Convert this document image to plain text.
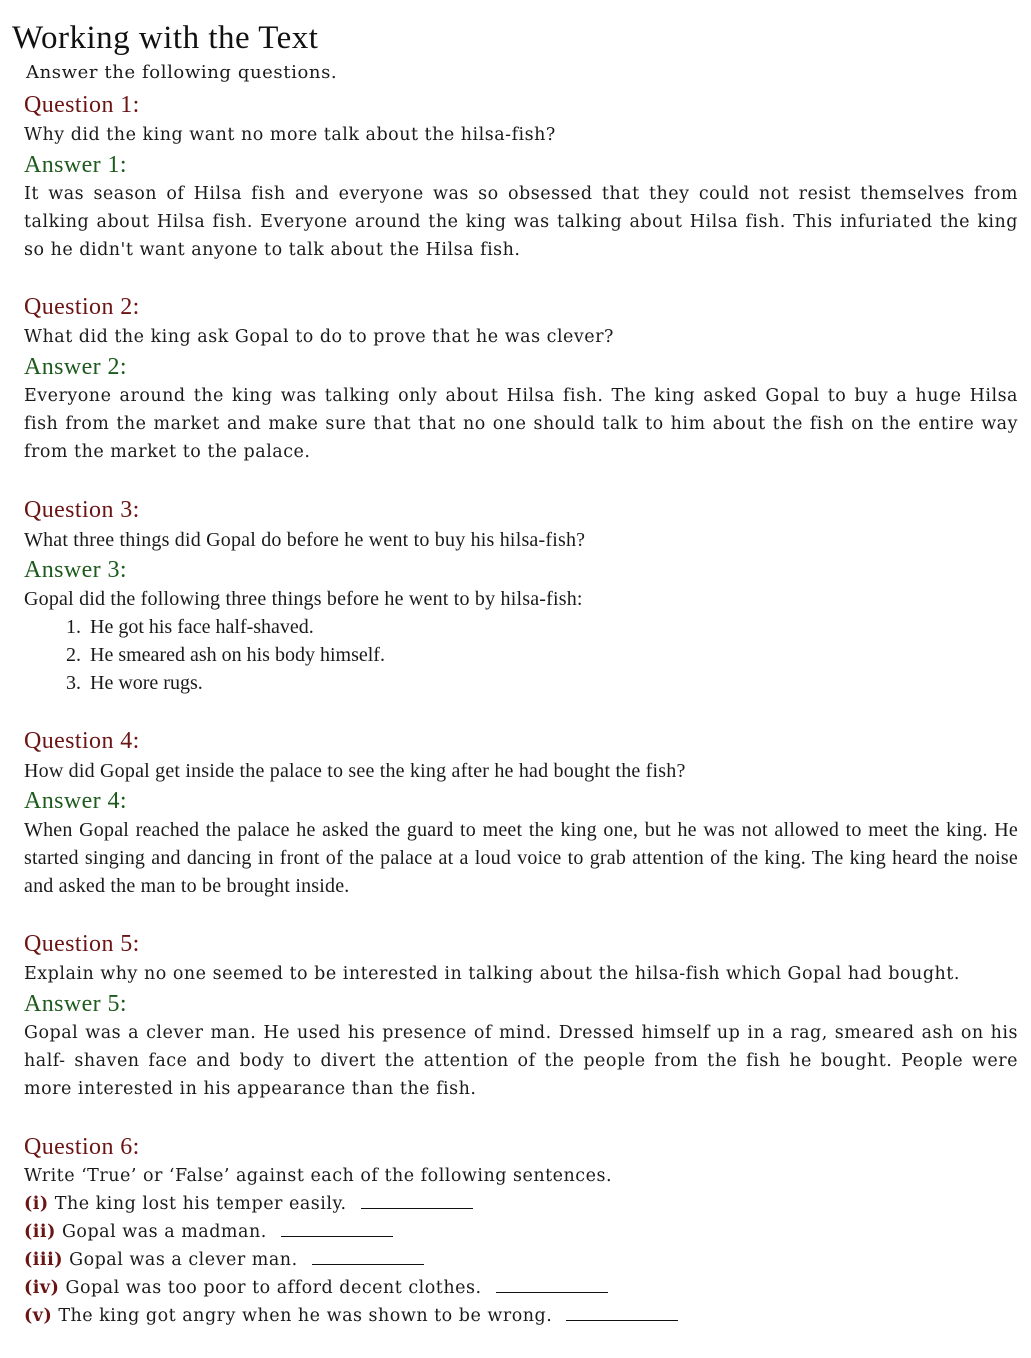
Working with the Text
Answer the following questions.

Question 1:

Why did the king want no more talk about the hilsa-fish?

Answer 1:

It was season of Hilsa fish and everyone was so obsessed that they could not resist themselves from talking about Hilsa fish. Everyone around the king was talking about Hilsa fish. This infuriated the king so he didn't want anyone to talk about the Hilsa fish.

Question 2:

What did the king ask Gopal to do to prove that he was clever?

Answer 2:

Everyone around the king was talking only about Hilsa fish. The king asked Gopal to buy a huge Hilsa fish from the market and make sure that that no one should talk to him about the fish on the entire way from the market to the palace.

Question 3:

What three things did Gopal do before he went to buy his hilsa-fish?

Answer 3:

Gopal did the following three things before he went to by hilsa-fish:

1. He got his face half-shaved.
2. He smeared ash on his body himself.
3. He wore rugs.

Question 4:

How did Gopal get inside the palace to see the king after he had bought the fish?

Answer 4:

When Gopal reached the palace he asked the guard to meet the king one, but he was not allowed to meet the king. He started singing and dancing in front of the palace at a loud voice to grab attention of the king. The king heard the noise and asked the man to be brought inside.

Question 5:

Explain why no one seemed to be interested in talking about the hilsa-fish which Gopal had bought.

Answer 5:

Gopal was a clever man. He used his presence of mind. Dressed himself up in a rag, smeared ash on his half- shaven face and body to divert the attention of the people from the fish he bought. People were more interested in his appearance than the fish.

Question 6:

Write ‘True’ or ‘False’ against each of the following sentences.

(i) The king lost his temper easily.
(ii) Gopal was a madman.
(iii) Gopal was a clever man.
(iv) Gopal was too poor to afford decent clothes.
(v) The king got angry when he was shown to be wrong.
